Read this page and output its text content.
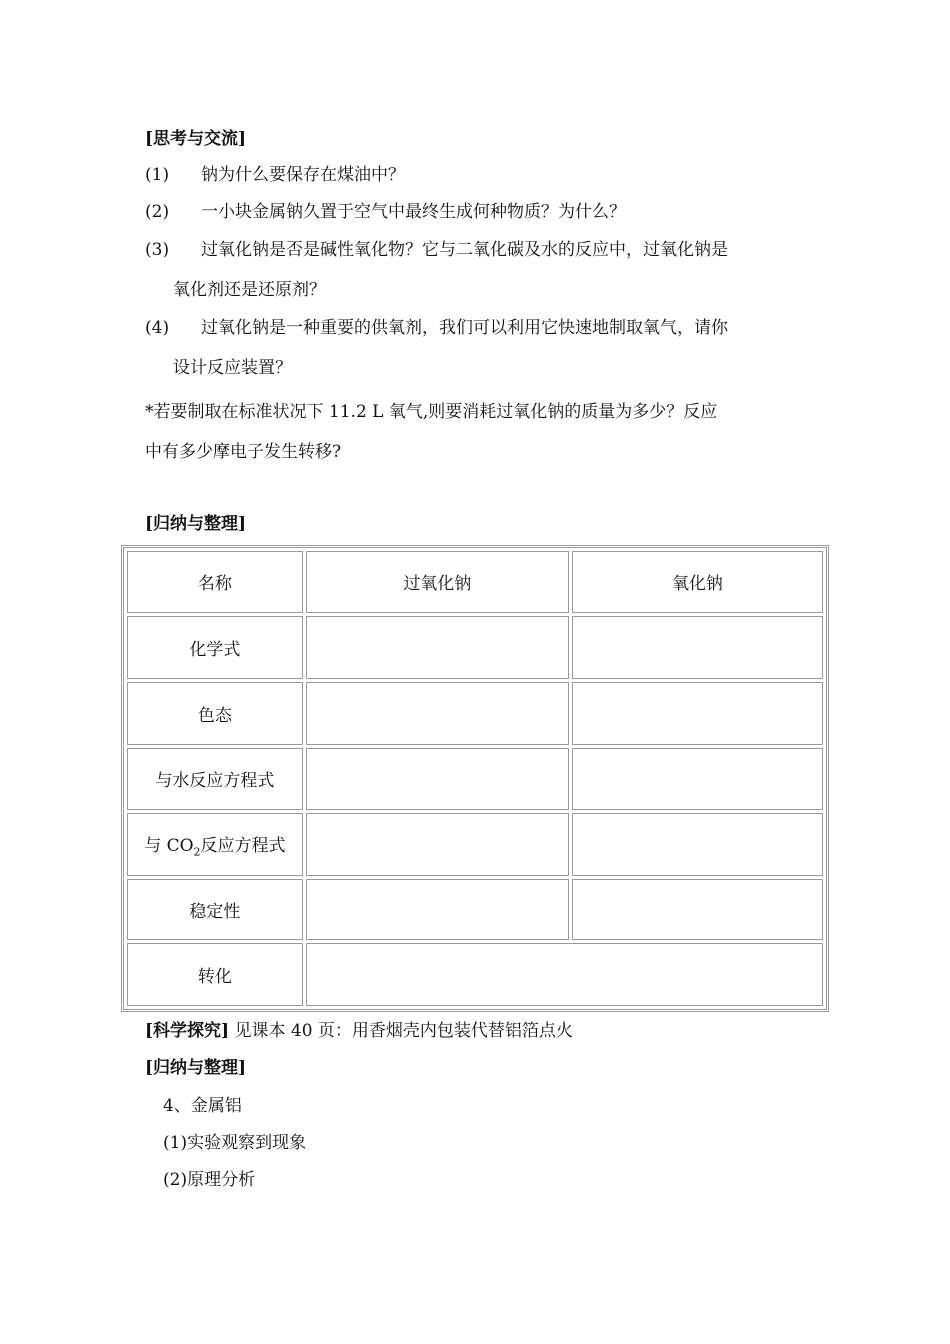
[思考与交流]
(1)	钠为什么要保存在煤油中？
(2)	一小块金属钠久置于空气中最终生成何种物质？为什么？
(3)	过氧化钠是否是碱性氧化物？它与二氧化碳及水的反应中，过氧化钠是
氧化剂还是还原剂？
(4)	过氧化钠是一种重要的供氧剂，我们可以利用它快速地制取氧气，请你
设计反应装置？
*若要制取在标准状况下 11.2 L 氧气,则要消耗过氧化钠的质量为多少？反应
中有多少摩电子发生转移?
[归纳与整理]
名称	过氧化钠	氧化钠
化学式		
色态		
与水反应方程式		
与 $CO_2$反应方程式		
稳定性		
转化		
[科学探究] 见课本 40 页：用香烟壳内包装代替铝箔点火
[归纳与整理]
4、金属铝
(1)实验观察到现象
(2)原理分析
